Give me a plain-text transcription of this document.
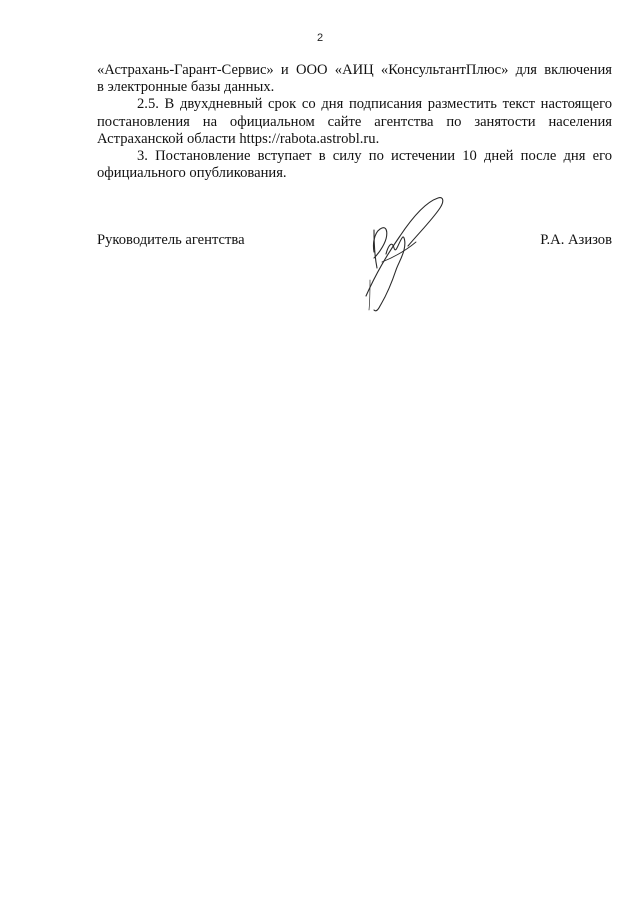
2

«Астрахань-Гарант-Сервис» и ООО «АИЦ «КонсультантПлюс» для включения
в электронные базы данных.

2.5. В двухдневный срок со дня подписания разместить текст настоящего
постановления на официальном сайте агентства по занятости населения
Астраханской области https://rabota.astrobl.ru.

3. Постановление вступает в силу по истечении 10 дней после дня его
официального опубликования.

Руководитель агентства	Р.А. Азизов
